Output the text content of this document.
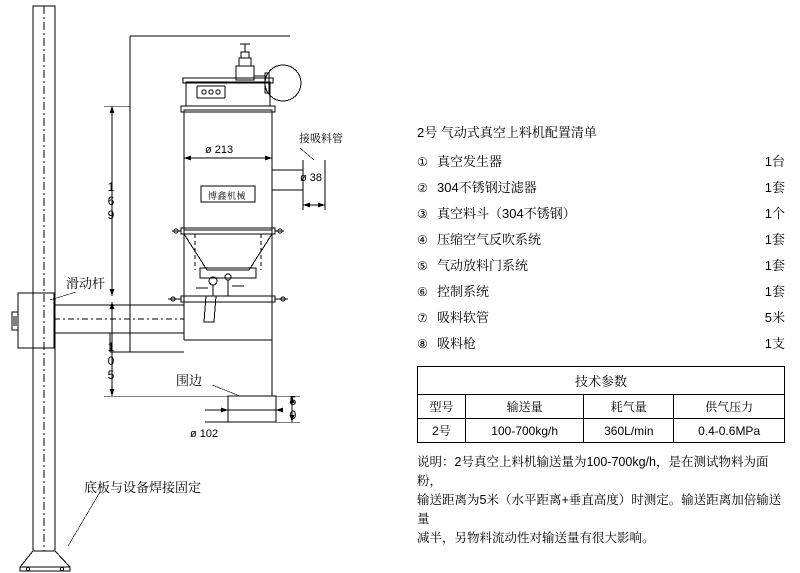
接吸料管
ø 213
ø 38
ø 102
169
105
50
滑动杆
围边
底板与设备焊接固定
博鑫机械
2号 气动式真空上料机配置清单
① 真空发生器	1台
② 304不锈钢过滤器	1套
③ 真空料斗（304不锈钢）	1个
④ 压缩空气反吹系统	1套
⑤ 气动放料门系统	1套
⑥ 控制系统	1套
⑦ 吸料软管	5米
⑧ 吸料枪	1支
技术参数			
型号	输送量	耗气量	供气压力
2号	100-700kg/h	360L/min	0.4-0.6MPa
说明：2号真空上料机输送量为100-700kg/h，是在测试物料为面粉，
输送距离为5米（水平距离+垂直高度）时测定。输送距离加倍输送量
减半，另物料流动性对输送量有很大影响。
